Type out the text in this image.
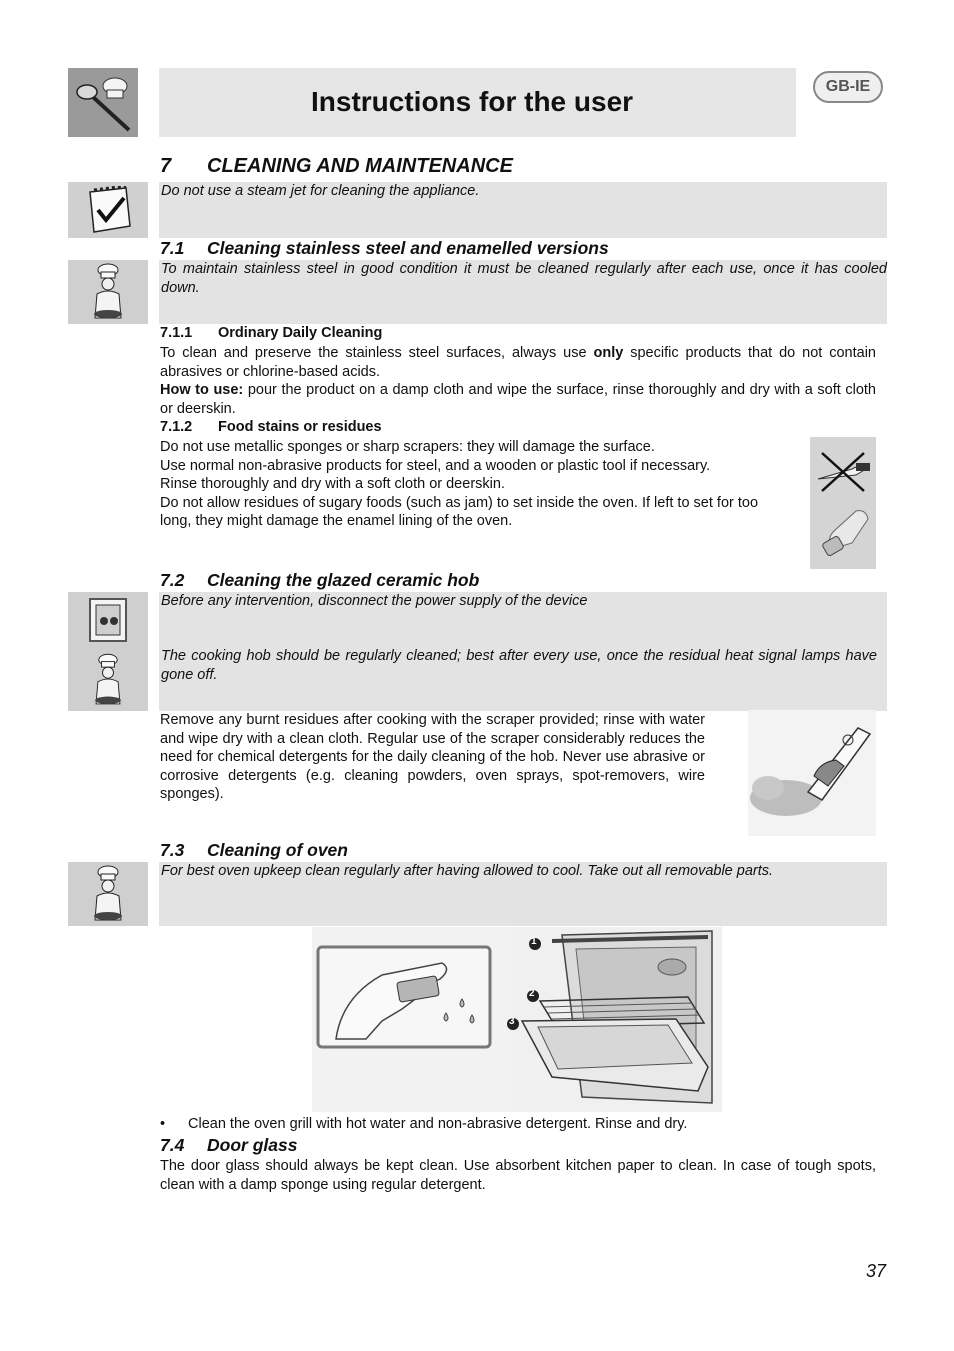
Instructions for the user	GB-IE
7 CLEANING AND MAINTENANCE
Do not use a steam jet for cleaning the appliance.
7.1 Cleaning stainless steel and enamelled versions
To maintain stainless steel in good condition it must be cleaned regularly after each use, once it has cooled down.
7.1.1 Ordinary Daily Cleaning
To clean and preserve the stainless steel surfaces, always use only specific products that do not contain abrasives or chlorine-based acids.
How to use: pour the product on a damp cloth and wipe the surface, rinse thoroughly and dry with a soft cloth or deerskin.
7.1.2 Food stains or residues
Do not use metallic sponges or sharp scrapers: they will damage the surface.
Use normal non-abrasive products for steel, and a wooden or plastic tool if necessary.
Rinse thoroughly and dry with a soft cloth or deerskin.
Do not allow residues of sugary foods (such as jam) to set inside the oven. If left to set for too long, they might damage the enamel lining of the oven.
7.2 Cleaning the glazed ceramic hob
Before any intervention, disconnect the power supply of the device
The cooking hob should be regularly cleaned; best after every use, once the residual heat signal lamps have gone off.
Remove any burnt residues after cooking with the scraper provided; rinse with water and wipe dry with a clean cloth. Regular use of the scraper considerably reduces the need for chemical detergents for the daily cleaning of the hob. Never use abrasive or corrosive detergents (e.g. cleaning powders, oven sprays, spot-removers, wire sponges).
7.3 Cleaning of oven
For best oven upkeep clean regularly after having allowed to cool. Take out all removable parts.
1
2
3
• Clean the oven grill with hot water and non-abrasive detergent. Rinse and dry.
7.4 Door glass
The door glass should always be kept clean. Use absorbent kitchen paper to clean. In case of tough spots, clean with a damp sponge using regular detergent.
37
